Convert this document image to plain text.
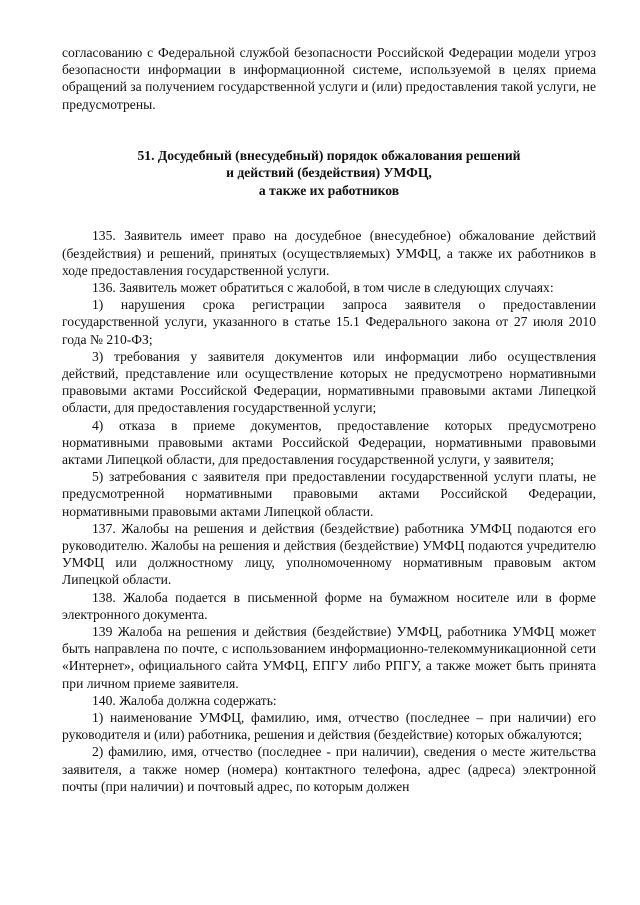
согласованию с Федеральной службой безопасности Российской Федерации модели угроз безопасности информации в информационной системе, используемой в целях приема обращений за получением государственной услуги и (или) предоставления такой услуги, не предусмотрены.

51. Досудебный (внесудебный) порядок обжалования решений
и действий (бездействия) УМФЦ,
а также их работников

135. Заявитель имеет право на досудебное (внесудебное) обжалование действий (бездействия) и решений, принятых (осуществляемых) УМФЦ, а также их работников в ходе предоставления государственной услуги.

136. Заявитель может обратиться с жалобой, в том числе в следующих случаях:

1) нарушения срока регистрации запроса заявителя о предоставлении государственной услуги, указанного в статье 15.1 Федерального закона от 27 июля 2010 года № 210-ФЗ;

3) требования у заявителя документов или информации либо осуществления действий, представление или осуществление которых не предусмотрено нормативными правовыми актами Российской Федерации, нормативными правовыми актами Липецкой области, для предоставления государственной услуги;

4) отказа в приеме документов, предоставление которых предусмотрено нормативными правовыми актами Российской Федерации, нормативными правовыми актами Липецкой области, для предоставления государственной услуги, у заявителя;

5) затребования с заявителя при предоставлении государственной услуги платы, не предусмотренной нормативными правовыми актами Российской Федерации, нормативными правовыми актами Липецкой области.

137. Жалобы на решения и действия (бездействие) работника УМФЦ подаются его руководителю. Жалобы на решения и действия (бездействие) УМФЦ подаются учредителю УМФЦ или должностному лицу, уполномоченному нормативным правовым актом Липецкой области.

138. Жалоба подается в письменной форме на бумажном носителе или в форме электронного документа.

139 Жалоба на решения и действия (бездействие) УМФЦ, работника УМФЦ может быть направлена по почте, с использованием информационно-телекоммуникационной сети «Интернет», официального сайта УМФЦ, ЕПГУ либо РПГУ, а также может быть принята при личном приеме заявителя.

140. Жалоба должна содержать:

1) наименование УМФЦ, фамилию, имя, отчество (последнее – при наличии) его руководителя и (или) работника, решения и действия (бездействие) которых обжалуются;

2) фамилию, имя, отчество (последнее - при наличии), сведения о месте жительства заявителя, а также номер (номера) контактного телефона, адрес (адреса) электронной почты (при наличии) и почтовый адрес, по которым должен
